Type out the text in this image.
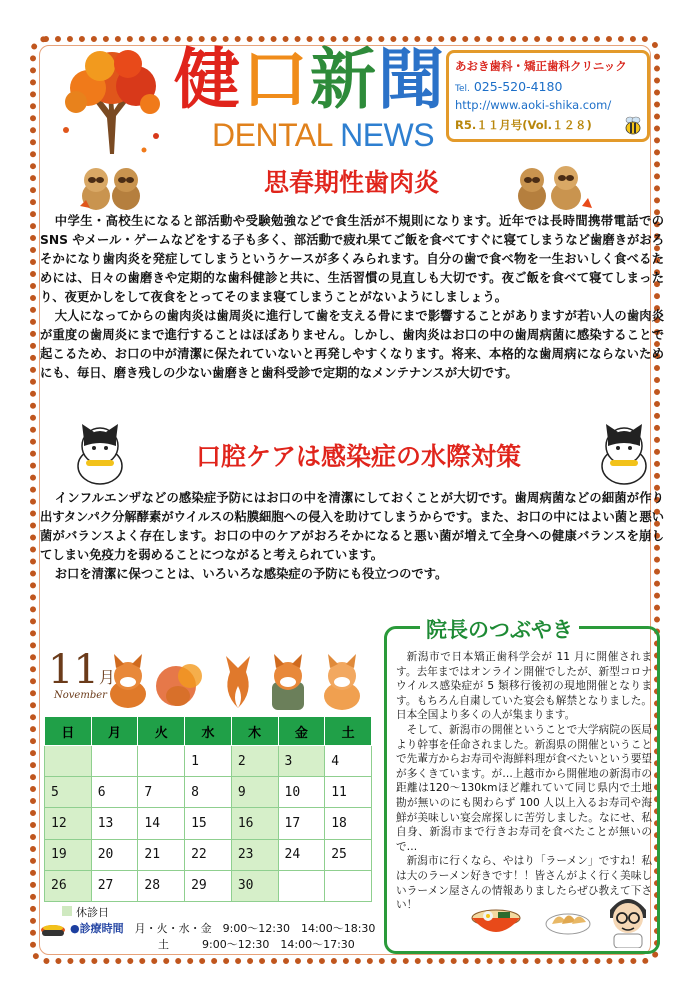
健口新聞
DENTAL NEWS
あおき歯科・矯正歯科クリニック
Tel. 025-520-4180
http://www.aoki-shika.com/
R5.１１月号(Vol.１２８)
思春期性歯肉炎

中学生・高校生になると部活動や受験勉強などで食生活が不規則になります。近年では長時間携帯電話での SNS やメール・ゲームなどをする子も多く、部活動で疲れ果てご飯を食べてすぐに寝てしまうなど歯磨きがおろそかになり歯肉炎を発症してしまうというケースが多くみられます。自分の歯で食べ物を一生おいしく食べるためには、日々の歯磨きや定期的な歯科健診と共に、生活習慣の見直しも大切です。夜ご飯を食べて寝てしまったり、夜更かしをして夜食をとってそのまま寝てしまうことがないようにしましょう。

大人になってからの歯肉炎は歯周炎に進行して歯を支える骨にまで影響することがありますが若い人の歯肉炎が重度の歯周炎にまで進行することはほぼありません。しかし、歯肉炎はお口の中の歯周病菌に感染することで起こるため、お口の中が清潔に保たれていないと再発しやすくなります。将来、本格的な歯周病にならないためにも、毎日、磨き残しの少ない歯磨きと歯科受診で定期的なメンテナンスが大切です。

口腔ケアは感染症の水際対策

インフルエンザなどの感染症予防にはお口の中を清潔にしておくことが大切です。歯周病菌などの細菌が作り出すタンパク分解酵素がウイルスの粘膜細胞への侵入を助けてしまうからです。また、お口の中にはよい菌と悪い菌がバランスよく存在します。お口の中のケアがおろそかになると悪い菌が増えて全身への健康バランスを崩してしまい免疫力を弱めることにつながると考えられています。

お口を清潔に保つことは、いろいろな感染症の予防にも役立つのです。

11月
November
日	月	火	水	木	金	土
			1	2	3	4
5	6	7	8	9	10	11
12	13	14	15	16	17	18
19	20	21	22	23	24	25
26	27	28	29	30		
休診日
●診療時間　 月・火・水・金　9:00～12:30　14:00～18:30
土　　　9:00～12:30　14:00～17:30
院長のつぶやき

新潟市で日本矯正歯科学会が 11 月に開催されます。去年まではオンライン開催でしたが、新型コロナウイルス感染症が 5 類移行後初の現地開催となります。もちろん自粛していた宴会も解禁となりました。日本全国より多くの人が集まります。

そして、新潟市の開催ということで大学病院の医局より幹事を任命されました。新潟県の開催ということで先輩方からお寿司や海鮮料理が食べたいという要望が多くきています。が…上越市から開催地の新潟市の距離は120～130kmほど離れていて同じ県内で土地勘が無いのにも関わらず 100 人以上入るお寿司や海鮮が美味しい宴会席探しに苦労しました。なにせ、私自身、新潟市まで行きお寿司を食べたことが無いので…

新潟市に行くなら、やはり「ラーメン」ですね！私は大のラーメン好きです！！皆さんがよく行く美味しいラーメン屋さんの情報ありましたらぜひ教えて下さい！
